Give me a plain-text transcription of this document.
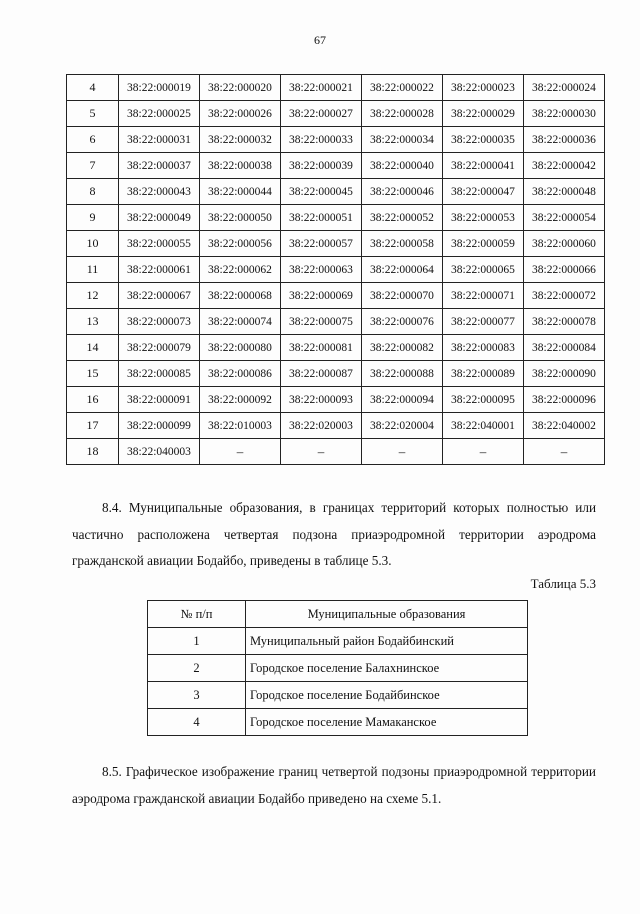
67
4	38:22:000019	38:22:000020	38:22:000021	38:22:000022	38:22:000023	38:22:000024
5	38:22:000025	38:22:000026	38:22:000027	38:22:000028	38:22:000029	38:22:000030
6	38:22:000031	38:22:000032	38:22:000033	38:22:000034	38:22:000035	38:22:000036
7	38:22:000037	38:22:000038	38:22:000039	38:22:000040	38:22:000041	38:22:000042
8	38:22:000043	38:22:000044	38:22:000045	38:22:000046	38:22:000047	38:22:000048
9	38:22:000049	38:22:000050	38:22:000051	38:22:000052	38:22:000053	38:22:000054
10	38:22:000055	38:22:000056	38:22:000057	38:22:000058	38:22:000059	38:22:000060
11	38:22:000061	38:22:000062	38:22:000063	38:22:000064	38:22:000065	38:22:000066
12	38:22:000067	38:22:000068	38:22:000069	38:22:000070	38:22:000071	38:22:000072
13	38:22:000073	38:22:000074	38:22:000075	38:22:000076	38:22:000077	38:22:000078
14	38:22:000079	38:22:000080	38:22:000081	38:22:000082	38:22:000083	38:22:000084
15	38:22:000085	38:22:000086	38:22:000087	38:22:000088	38:22:000089	38:22:000090
16	38:22:000091	38:22:000092	38:22:000093	38:22:000094	38:22:000095	38:22:000096
17	38:22:000099	38:22:010003	38:22:020003	38:22:020004	38:22:040001	38:22:040002
18	38:22:040003	–	–	–	–	–
8.4. Муниципальные образования, в границах территорий которых полностью или частично расположена четвертая подзона приаэродромной территории аэродрома гражданской авиации Бодайбо, приведены в таблице 5.3.
Таблица 5.3
№ п/п	Муниципальные образования
1	Муниципальный район Бодайбинский
2	Городское поселение Балахнинское
3	Городское поселение Бодайбинское
4	Городское поселение Мамаканское
8.5. Графическое изображение границ четвертой подзоны приаэродромной территории аэродрома гражданской авиации Бодайбо приведено на схеме 5.1.
